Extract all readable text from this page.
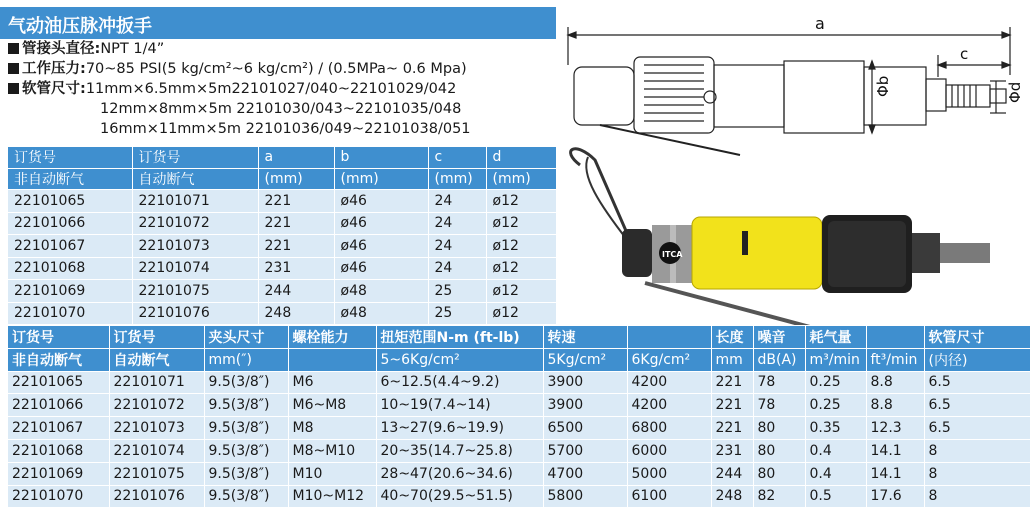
气动油压脉冲扳手
管接头直径:NPT 1/4”
工作压力:70~85 PSI(5 kg/cm²~6 kg/cm²) / (0.5MPa~ 0.6 Mpa)
软管尺寸:11mm×6.5mm×5m22101027/040~22101029/042
12mm×8mm×5m 22101030/043~22101035/048
16mm×11mm×5m 22101036/049~22101038/051
订货号	订货号	a	b	c	d
非自动断气	自动断气	(mm)	(mm)	(mm)	(mm)
22101065	22101071	221	ø46	24	ø12
22101066	22101072	221	ø46	24	ø12
22101067	22101073	221	ø46	24	ø12
22101068	22101074	231	ø46	24	ø12
22101069	22101075	244	ø48	25	ø12
22101070	22101076	248	ø48	25	ø12
a
c
Φb	Φd
ITCA
订货号	订货号	夹头尺寸	螺栓能力	扭矩范围N-m (ft-lb)	转速		长度	噪音	耗气量		软管尺寸
非自动断气	自动断气	mm(″)		5~6Kg/cm²	5Kg/cm²	6Kg/cm²	mm	dB(A)	m³/min	ft³/min	(内径)
22101065	22101071	9.5(3/8″)	M6	6~12.5(4.4~9.2)	3900	4200	221	78	0.25	8.8	6.5
22101066	22101072	9.5(3/8″)	M6~M8	10~19(7.4~14)	3900	4200	221	78	0.25	8.8	6.5
22101067	22101073	9.5(3/8″)	M8	13~27(9.6~19.9)	6500	6800	221	80	0.35	12.3	6.5
22101068	22101074	9.5(3/8″)	M8~M10	20~35(14.7~25.8)	5700	6000	231	80	0.4	14.1	8
22101069	22101075	9.5(3/8″)	M10	28~47(20.6~34.6)	4700	5000	244	80	0.4	14.1	8
22101070	22101076	9.5(3/8″)	M10~M12	40~70(29.5~51.5)	5800	6100	248	82	0.5	17.6	8
